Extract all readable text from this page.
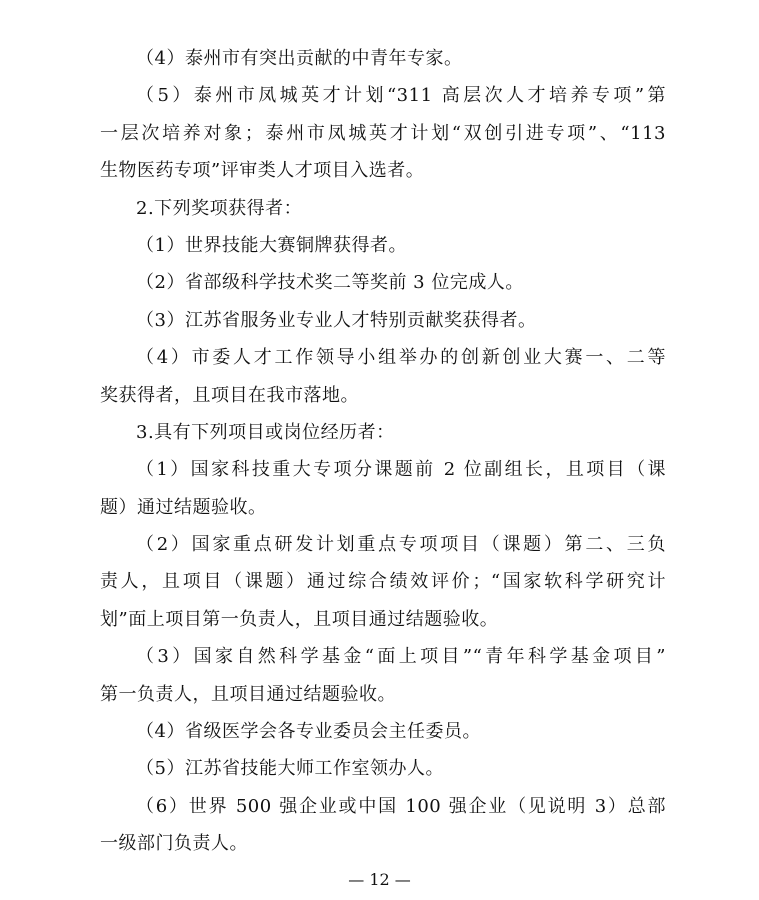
（4）泰州市有突出贡献的中青年专家。
（5）泰州市凤城英才计划“311 高层次人才培养专项”第
一层次培养对象；泰州市凤城英才计划“双创引进专项”、“113
生物医药专项”评审类人才项目入选者。
2.下列奖项获得者：
（1）世界技能大赛铜牌获得者。
（2）省部级科学技术奖二等奖前 3 位完成人。
（3）江苏省服务业专业人才特别贡献奖获得者。
（4）市委人才工作领导小组举办的创新创业大赛一、二等
奖获得者，且项目在我市落地。
3.具有下列项目或岗位经历者：
（1）国家科技重大专项分课题前 2 位副组长，且项目（课
题）通过结题验收。
（2）国家重点研发计划重点专项项目（课题）第二、三负
责人，且项目（课题）通过综合绩效评价；“国家软科学研究计
划”面上项目第一负责人，且项目通过结题验收。
（3）国家自然科学基金“面上项目”“青年科学基金项目”
第一负责人，且项目通过结题验收。
（4）省级医学会各专业委员会主任委员。
（5）江苏省技能大师工作室领办人。
（6）世界 500 强企业或中国 100 强企业（见说明 3）总部
一级部门负责人。
— 12 —
